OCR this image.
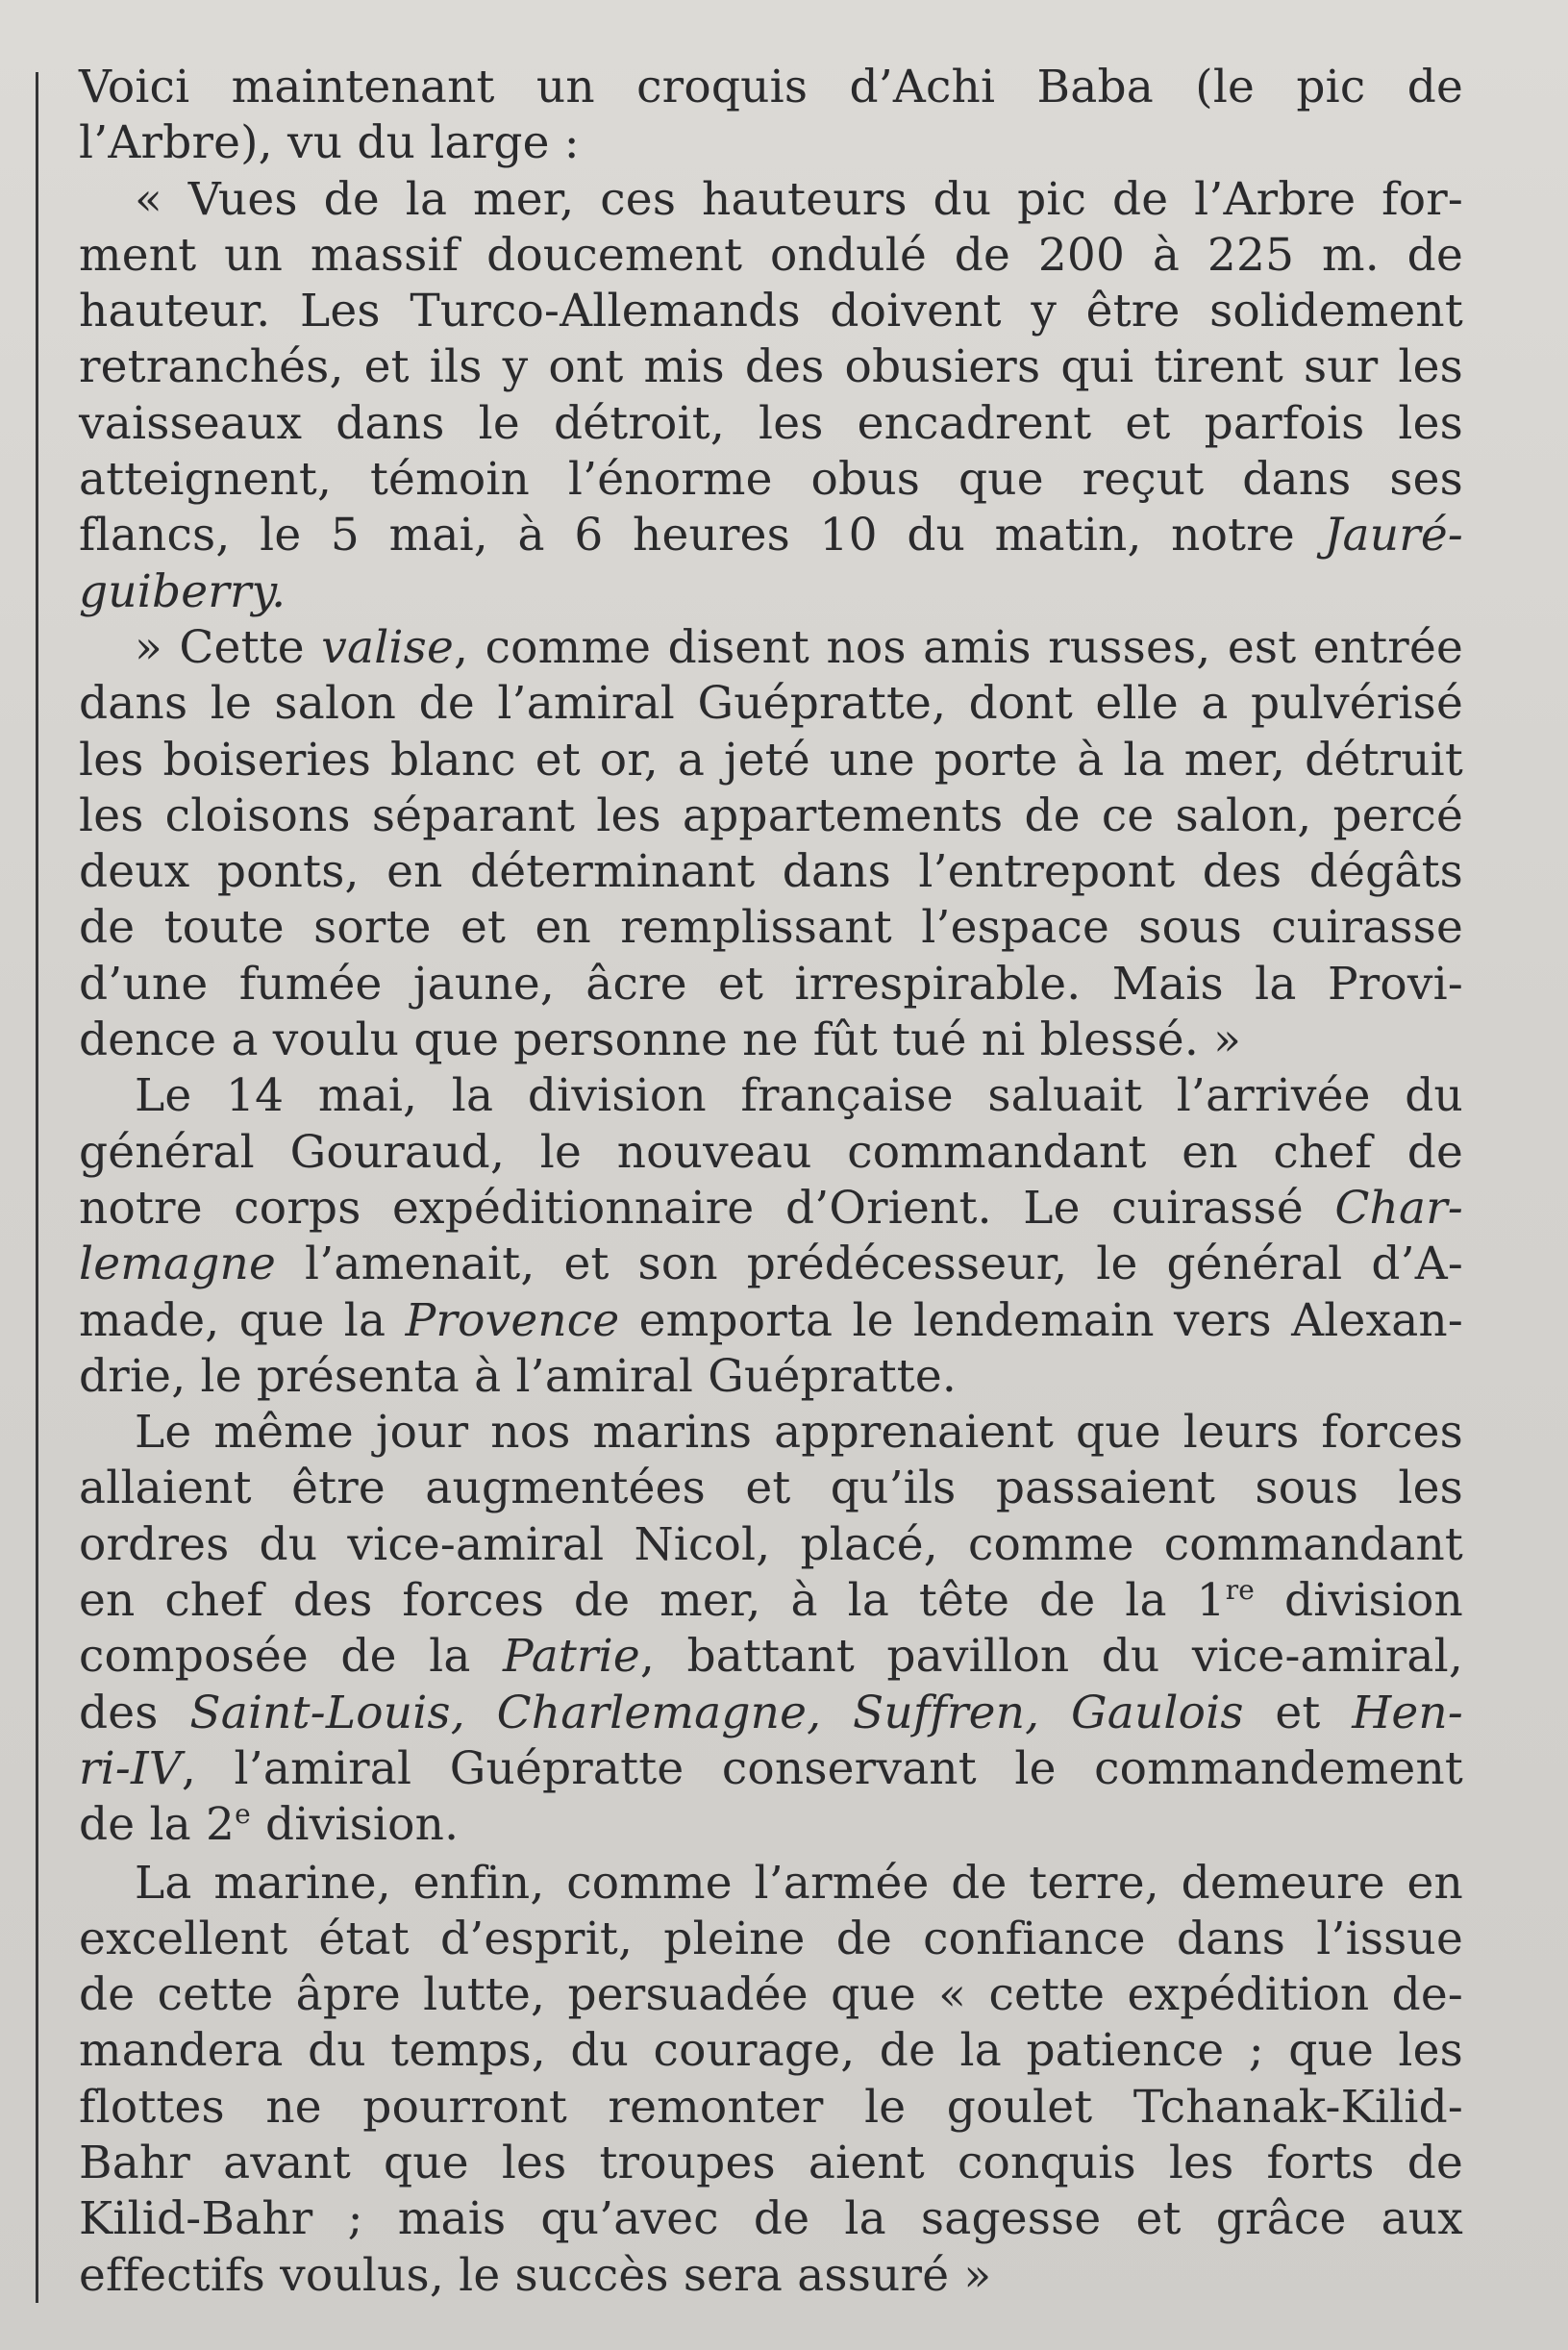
Voici maintenant un croquis d’Achi Baba (le pic de
l’Arbre), vu du large :
« Vues de la mer, ces hauteurs du pic de l’Arbre for-
ment un massif doucement ondulé de 200 à 225 m. de
hauteur. Les Turco-Allemands doivent y être solidement
retranchés, et ils y ont mis des obusiers qui tirent sur les
vaisseaux dans le détroit, les encadrent et parfois les
atteignent, témoin l’énorme obus que reçut dans ses
flancs, le 5 mai, à 6 heures 10 du matin, notre Jauré-
guiberry.
» Cette valise, comme disent nos amis russes, est entrée
dans le salon de l’amiral Guépratte, dont elle a pulvérisé
les boiseries blanc et or, a jeté une porte à la mer, détruit
les cloisons séparant les appartements de ce salon, percé
deux ponts, en déterminant dans l’entrepont des dégâts
de toute sorte et en remplissant l’espace sous cuirasse
d’une fumée jaune, âcre et irrespirable. Mais la Provi-
dence a voulu que personne ne fût tué ni blessé. »
Le 14 mai, la division française saluait l’arrivée du
général Gouraud, le nouveau commandant en chef de
notre corps expéditionnaire d’Orient. Le cuirassé Char-
lemagne l’amenait, et son prédécesseur, le général d’A-
made, que la Provence emporta le lendemain vers Alexan-
drie, le présenta à l’amiral Guépratte.
Le même jour nos marins apprenaient que leurs forces
allaient être augmentées et qu’ils passaient sous les
ordres du vice-amiral Nicol, placé, comme commandant
en chef des forces de mer, à la tête de la 1re division
composée de la Patrie, battant pavillon du vice-amiral,
des Saint-Louis, Charlemagne, Suffren, Gaulois et Hen-
ri-IV, l’amiral Guépratte conservant le commandement
de la 2e division.
La marine, enfin, comme l’armée de terre, demeure en
excellent état d’esprit, pleine de confiance dans l’issue
de cette âpre lutte, persuadée que « cette expédition de-
mandera du temps, du courage, de la patience ; que les
flottes ne pourront remonter le goulet Tchanak-Kilid-
Bahr avant que les troupes aient conquis les forts de
Kilid-Bahr ; mais qu’avec de la sagesse et grâce aux
effectifs voulus, le succès sera assuré »
